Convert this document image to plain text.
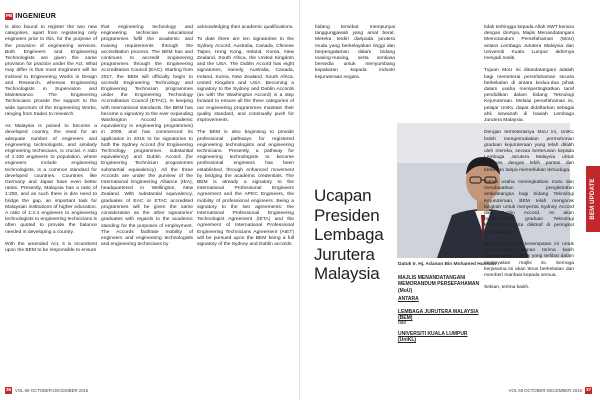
PB INGENIEUR

is also bound to register the two new categories, apart from registering only engineers prior to this, for the purpose of the provision of engineering services. Both Engineers and Engineering Technologists are given the same provision for practice under the Act. What may differ is that most Engineers will be inclined to Engineering Works in Design and Research, whereas Engineering Technologists in Supervision and Maintenance. The Engineering Technicians provide the support to the wide spectrum of the Engineering Works, ranging from trades to research.

As Malaysia is poised to become a developed country, the need for an adequate number of engineers and engineering technologists, and similarly engineering technicians, is crucial. A ratio of 1:100 engineers to population, where engineers include engineering technologists, is a common standard for developed countries. Countries like Germany and Japan have even better ratios. Presently, Malaysia has a ratio of 1:200, and as such there is dire need to bridge the gap, an important task for Malaysian institutions of higher education. A ratio of 1:2:4 engineers to engineering technologists to engineering technicians is often quoted to provide the balance needed in developing a country.

With the amended Act, it is incumbent upon the BEM to be responsible to ensure

that engineering technology and engineering technician educational programmes fulfil the academic and training requirements through the accreditation process. The BEM has and continues to accredit engineering programmes through the Engineering Accreditation Council (EAC). Starting from 2017, the BEM will officially begin to accredit Engineering Technology and Engineering Technician programmes under the Engineering Technology Accreditation Council (ETAC). In keeping with international standards, the BEM has become a signatory to the ever expanding Washington Accord (academic equivalency in engineering programmes) in 2009, and has commenced its application in 2016 to be signatories to both the Sydney Accord (for Engineering Technology programmes substantial equivalency) and Dublin Accord (for Engineering Technician programmes substantial equivalency). All the three Accords are under the purview of the International Engineering Alliance (IEA), headquartered in Wellington, New Zealand. With substantial equivalency, graduates of EAC or ETAC accredited programmes will be given the same consideration as the other signatories' graduates with regards to the academic standing for the purposes of employment. The Accords facilitate mobility of engineers and engineering technologists and engineering technicians by

acknowledging their academic qualifications.

To date there are ten signatories to the Sydney Accord, Australia, Canada, Chinese Taipei, Hong Kong, Ireland, Korea, New Zealand, South Africa, the United Kingdom and the USA. The Dublin Accord has eight signatories, namely, Australia, Canada, Ireland, Korea, New Zealand, South Africa, United Kingdom and USA. Becoming a signatory to the Sydney and Dublin Accords (as with the Washington Accord) is a step forward to ensure all the three categories of our engineering programmes maintain their quality standard, and continually push for improvements.

The BEM is also beginning to provide professional pathways for registered engineering technologists and engineering technicians. Presently, a pathway for engineering technologists to become professional engineers has been established, through enhanced movement by bridging the academic credentials. The BEM is already a signatory to the International Professional Engineers Agreement and the APEC Engineers, the mobility of professional engineers. Being a signatory to the two agreements: the International Professional Engineering Technologist Agreement (IETA) and the Agreement of International Professional Engineering Technicians Agreement (AIET) will be pursued upon the BEM being a full signatory of the Sydney and Dublin accords.

36 VOL 69 OCTOBER-DECEMBER 2016

bidang tersebut mempunyai tanggungjawab yang amat berat. Mereka terdiri daripada jurutera muda yang berkelayakan tinggi dan berpengalaman dalam bidang masing-masing, serta sentiasa bersedia untuk menyumbang kepakaran kepada industri kejuruteraan negara.

Ucapan
Presiden
Lembaga
Jurutera
Malaysia	Datuk Ir. Hj. Adanan Bin Mohamed Hussain
MAJLIS MENANDATANGANI
MEMORANDUM PERSEFAHAMAN
(MoU)
ANTARA
LEMBAGA JURUTERA MALAYSIA (BEM)
dan
UNIVERSITI KUALA LUMPUR (UniKL)

tidak terhingga kepada Allah SWT kerana dengan izinNya, Majlis Menandatangani Memorandum Persefahaman (MoU) antara Lembaga Jurutera Malaysia dan Universiti Kuala Lumpur akhirnya menjadi realiti.

Tujuan MoU ini ditandatangani adalah bagi memeterai persefahaman secara berkekalan di antara kedua-dua pihak dalam usaha mempertingkatkan taraf pendidikan dalam bidang Teknologi Kejuruteraan. Melalui persefahaman ini, pelajar UniKL dapat didaftarkan sebagai ahli siswazah di bawah Lembaga Jurutera Malaysia.

Dengan termeterainya MoU ini, UniKL boleh mengemukakan permohonan graduan kejuruteraan yang telah dilatih oleh mereka, secara berterusan kepada Lembaga Jurutera Malaysia untuk diproses dengan lebih pantas dan berkesan tanpa memerlukan temuduga.

Dalam usaha meningkatkan mutu dan mendapatkan pengiktirafan antarabangsa bagi bidang Teknologi Kejuruteraan, BEM telah mengorak langkah untuk menyertai Sydney Accord dan Dublin Accord. Ini akan membolehkan graduan Teknologi Kejuruteraan kita diiktiraf di peringkat antarabangsa.

Saya mengambil kesempatan ini untuk merakamkan ucapan terima kasih kepada semua pihak yang terlibat dalam menjayakan majlis ini. Semoga kerjasama ini akan terus berkekalan dan memberi manfaat kepada semua.

Sekian, terima kasih.

BEM UPDATE
VOL 69 OCTOBER-DECEMBER 2016 37
